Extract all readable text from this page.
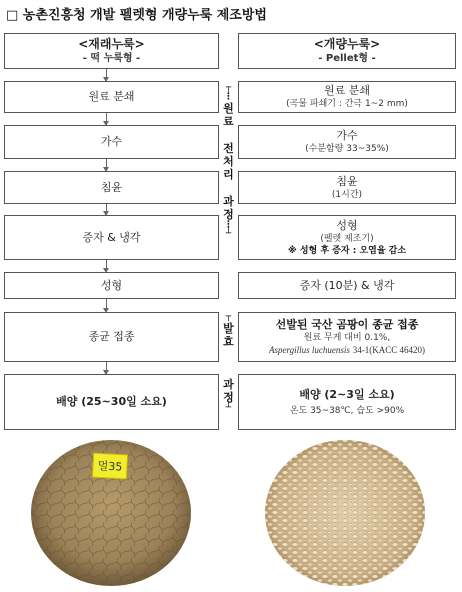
□ 농촌진흥청 개발 펠렛형 개량누룩 제조방법
<재래누룩>
- 떡 누룩형 -
원료 분쇄
가수
침윤
증자 & 냉각
성형
종균 접종
배양 (25~30일 소요)
┬
⋮
원
료
전
처
리
과
정
⋮
┴
┬
발
효
과
정
┴
<개량누룩>
- Pellet형 -
원료 분쇄
(곡물 파쇄기 : 간극 1~2 mm)
가수
(수분함량 33~35%)
침윤
(1시간)
성형
(펠렛 제조기)
※ 성형 후 증자 : 오염율 감소
증자 (10분) & 냉각
선발된 국산 곰팡이 종균 접종
원료 무게 대비 0.1%,
Aspergillus luchuensis 34-1(KACC 46420)
배양 (2~3일 소요)
온도 35~38℃, 습도 >90%
멀35
